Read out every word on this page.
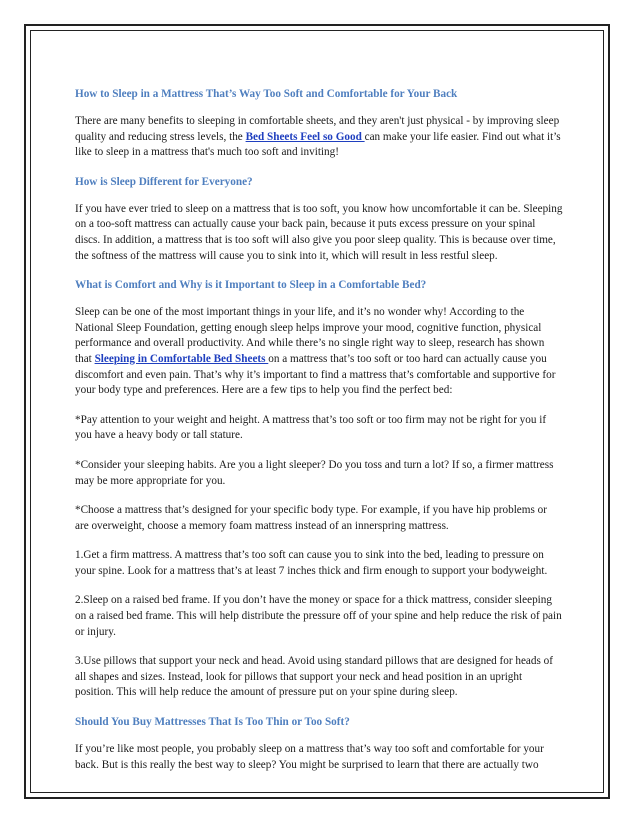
How to Sleep in a Mattress That’s Way Too Soft and Comfortable for Your Back

There are many benefits to sleeping in comfortable sheets, and they aren't just physical - by improving sleep quality and reducing stress levels, the Bed Sheets Feel so Good can make your life easier. Find out what it’s like to sleep in a mattress that's much too soft and inviting!

How is Sleep Different for Everyone?

If you have ever tried to sleep on a mattress that is too soft, you know how uncomfortable it can be. Sleeping on a too-soft mattress can actually cause your back pain, because it puts excess pressure on your spinal discs. In addition, a mattress that is too soft will also give you poor sleep quality. This is because over time, the softness of the mattress will cause you to sink into it, which will result in less restful sleep.

What is Comfort and Why is it Important to Sleep in a Comfortable Bed?

Sleep can be one of the most important things in your life, and it’s no wonder why! According to the National Sleep Foundation, getting enough sleep helps improve your mood, cognitive function, physical performance and overall productivity. And while there’s no single right way to sleep, research has shown that Sleeping in Comfortable Bed Sheets on a mattress that’s too soft or too hard can actually cause you discomfort and even pain. That’s why it’s important to find a mattress that’s comfortable and supportive for your body type and preferences. Here are a few tips to help you find the perfect bed:

*Pay attention to your weight and height. A mattress that’s too soft or too firm may not be right for you if you have a heavy body or tall stature.

*Consider your sleeping habits. Are you a light sleeper? Do you toss and turn a lot? If so, a firmer mattress may be more appropriate for you.

*Choose a mattress that’s designed for your specific body type. For example, if you have hip problems or are overweight, choose a memory foam mattress instead of an innerspring mattress.

1.Get a firm mattress. A mattress that’s too soft can cause you to sink into the bed, leading to pressure on your spine. Look for a mattress that’s at least 7 inches thick and firm enough to support your bodyweight.

2.Sleep on a raised bed frame. If you don’t have the money or space for a thick mattress, consider sleeping on a raised bed frame. This will help distribute the pressure off of your spine and help reduce the risk of pain or injury.

3.Use pillows that support your neck and head. Avoid using standard pillows that are designed for heads of all shapes and sizes. Instead, look for pillows that support your neck and head position in an upright position. This will help reduce the amount of pressure put on your spine during sleep.

Should You Buy Mattresses That Is Too Thin or Too Soft?

If you’re like most people, you probably sleep on a mattress that’s way too soft and comfortable for your back. But is this really the best way to sleep? You might be surprised to learn that there are actually two
